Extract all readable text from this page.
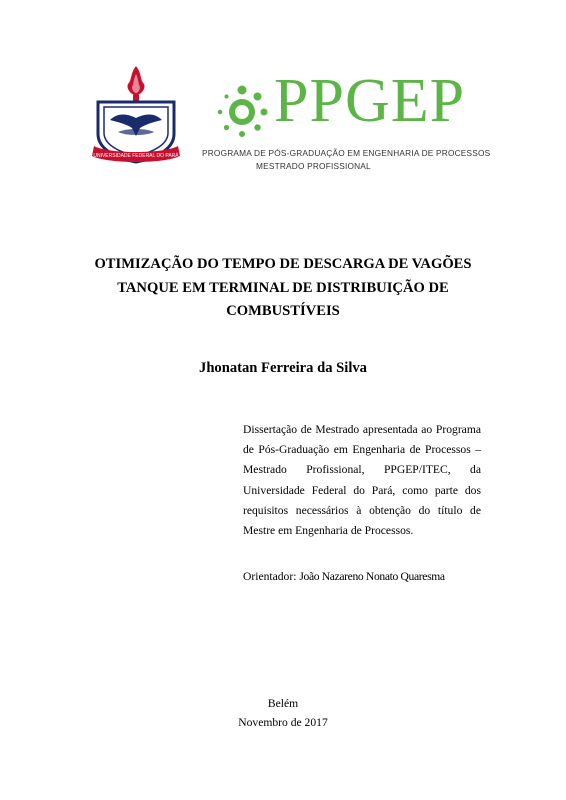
UNIVERSIDADE FEDERAL DO PARÁ
PPGEP
PROGRAMA DE PÓS-GRADUAÇÃO EM ENGENHARIA DE PROCESSOS
MESTRADO PROFISSIONAL
OTIMIZAÇÃO DO TEMPO DE DESCARGA DE VAGÕES
TANQUE EM TERMINAL DE DISTRIBUIÇÃO DE
COMBUSTÍVEIS
Jhonatan Ferreira da Silva
Dissertação de Mestrado apresentada ao Programa de Pós-Graduação em Engenharia de Processos – Mestrado Profissional, PPGEP/ITEC, da Universidade Federal do Pará, como parte dos requisitos necessários à obtenção do título de Mestre em Engenharia de Processos.
Orientador: João Nazareno Nonato Quaresma
Belém
Novembro de 2017
